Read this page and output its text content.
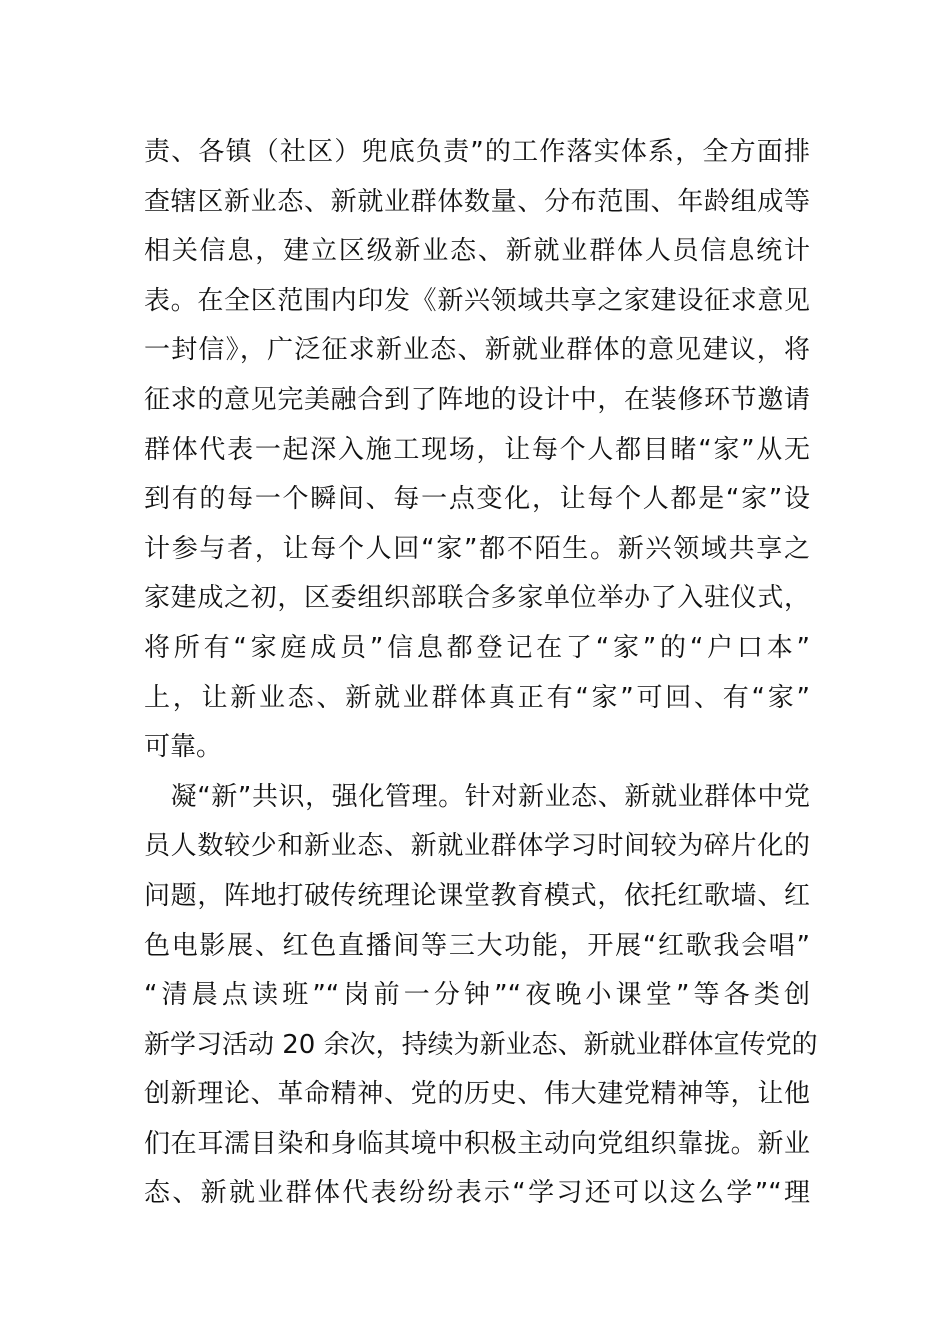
责、各镇（社区）兜底负责”的工作落实体系，全方面排
查辖区新业态、新就业群体数量、分布范围、年龄组成等
相关信息，建立区级新业态、新就业群体人员信息统计
表。在全区范围内印发《新兴领域共享之家建设征求意见
一封信》，广泛征求新业态、新就业群体的意见建议，将
征求的意见完美融合到了阵地的设计中，在装修环节邀请
群体代表一起深入施工现场，让每个人都目睹“家”从无
到有的每一个瞬间、每一点变化，让每个人都是“家”设
计参与者，让每个人回“家”都不陌生。新兴领域共享之
家建成之初，区委组织部联合多家单位举办了入驻仪式，
将所有“家庭成员”信息都登记在了“家”的“户口本”
上，让新业态、新就业群体真正有“家”可回、有“家”
可靠。
　凝“新”共识，强化管理。针对新业态、新就业群体中党
员人数较少和新业态、新就业群体学习时间较为碎片化的
问题，阵地打破传统理论课堂教育模式，依托红歌墙、红
色电影展、红色直播间等三大功能，开展“红歌我会唱”
“清晨点读班”“岗前一分钟”“夜晚小课堂”等各类创
新学习活动 20 余次，持续为新业态、新就业群体宣传党的
创新理论、革命精神、党的历史、伟大建党精神等，让他
们在耳濡目染和身临其境中积极主动向党组织靠拢。新业
态、新就业群体代表纷纷表示“学习还可以这么学”“理
